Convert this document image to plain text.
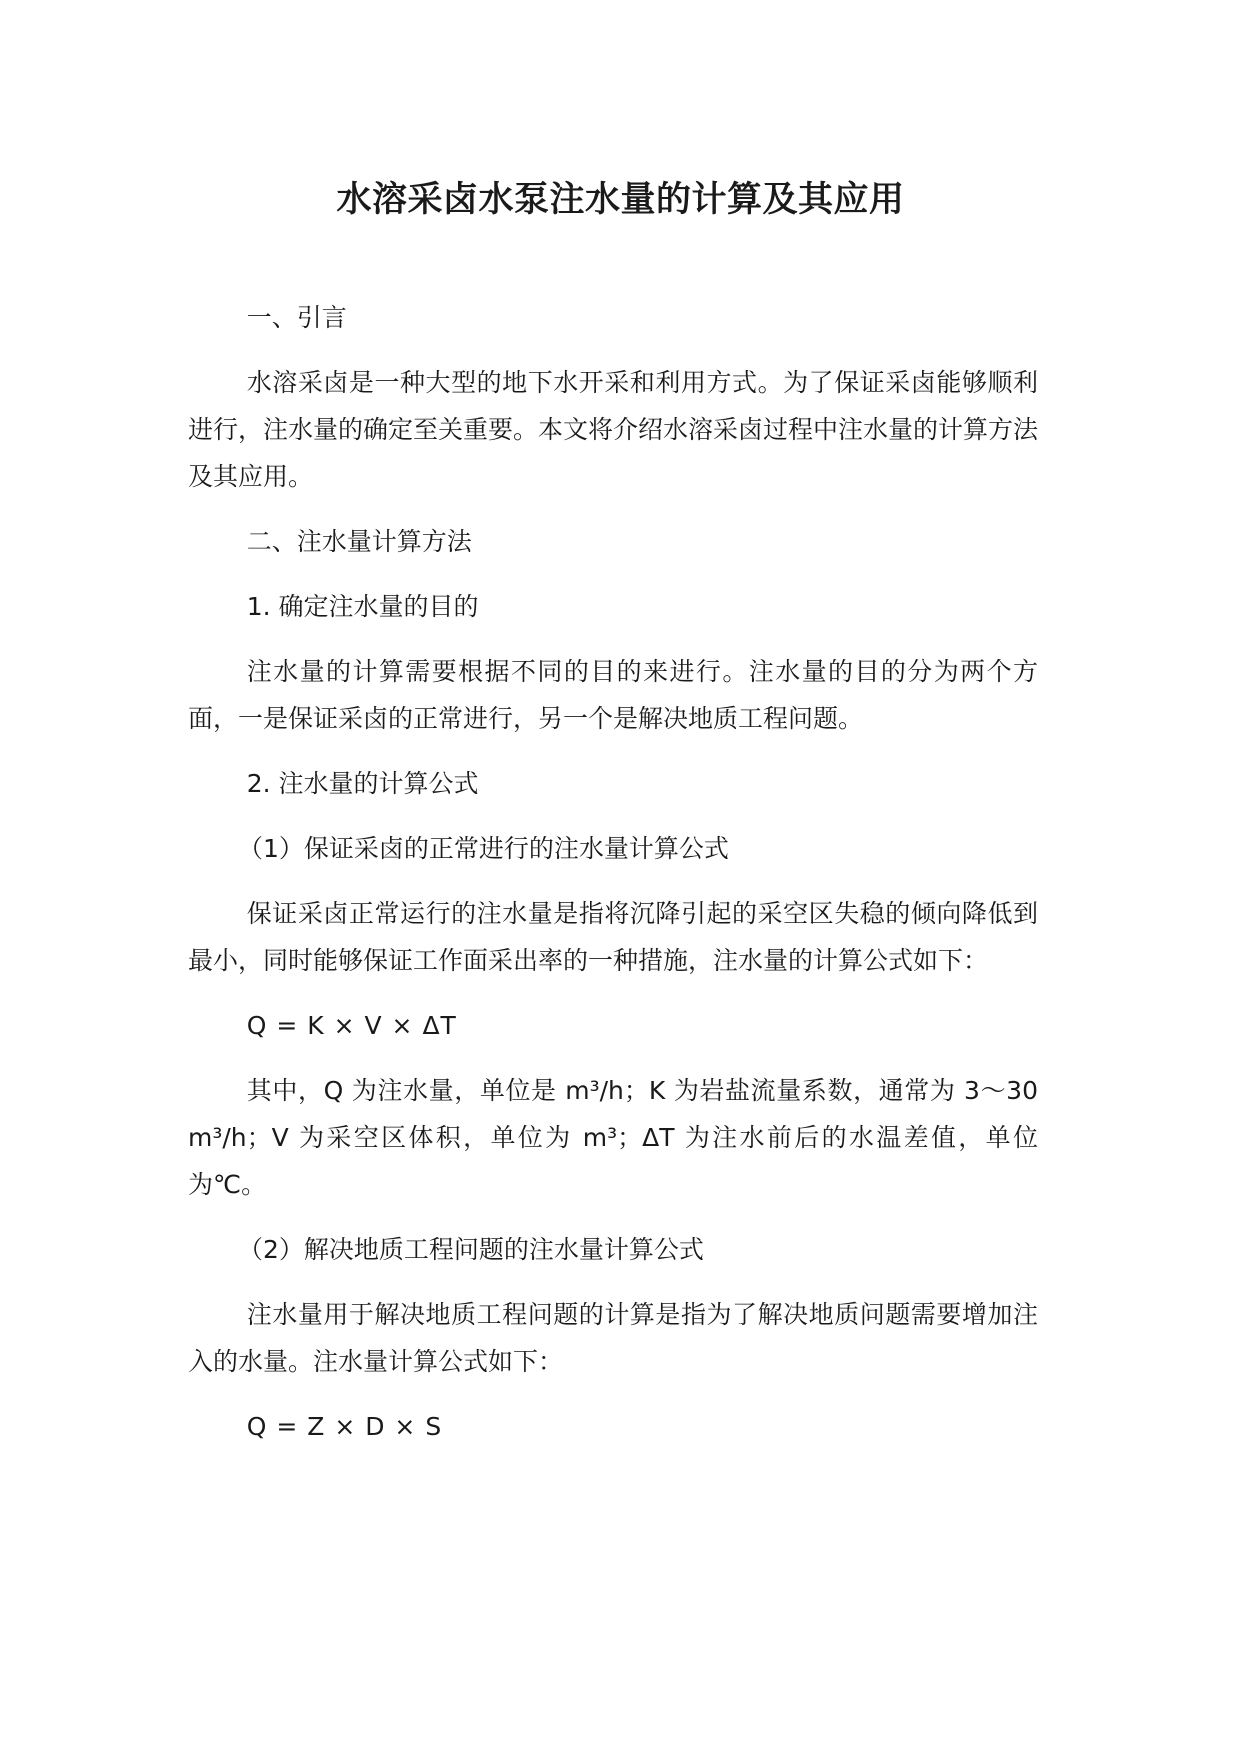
水溶采卤水泵注水量的计算及其应用

一、引言

水溶采卤是一种大型的地下水开采和利用方式。为了保证采卤能够顺利进行，注水量的确定至关重要。本文将介绍水溶采卤过程中注水量的计算方法及其应用。

二、注水量计算方法

1. 确定注水量的目的

注水量的计算需要根据不同的目的来进行。注水量的目的分为两个方面，一是保证采卤的正常进行，另一个是解决地质工程问题。

2. 注水量的计算公式

（1）保证采卤的正常进行的注水量计算公式

保证采卤正常运行的注水量是指将沉降引起的采空区失稳的倾向降低到最小，同时能够保证工作面采出率的一种措施，注水量的计算公式如下：

Q = K × V × ΔT

其中，Q 为注水量，单位是 m³/h；K 为岩盐流量系数，通常为 3～30m³/h；V 为采空区体积，单位为 m³；ΔT 为注水前后的水温差值，单位为℃。

（2）解决地质工程问题的注水量计算公式

注水量用于解决地质工程问题的计算是指为了解决地质问题需要增加注入的水量。注水量计算公式如下：

Q = Z × D × S
